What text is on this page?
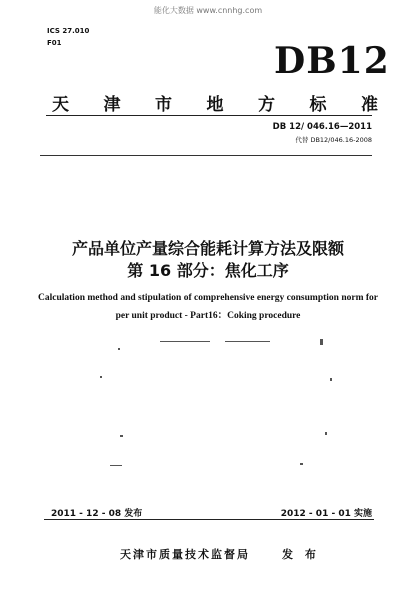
能化大数据 www.cnnhg.com
ICS 27.010
F01	DB12
天 津 市 地 方 标 准
DB 12/ 046.16—2011
代替 DB12/046.16-2008
产品单位产量综合能耗计算方法及限额
第 16 部分：焦化工序
Calculation method and stipulation of comprehensive energy consumption norm for
per unit product - Part16：Coking procedure
2011 - 12 - 08 发布	2012 - 01 - 01 实施
天津市质量技术监督局	发 布
